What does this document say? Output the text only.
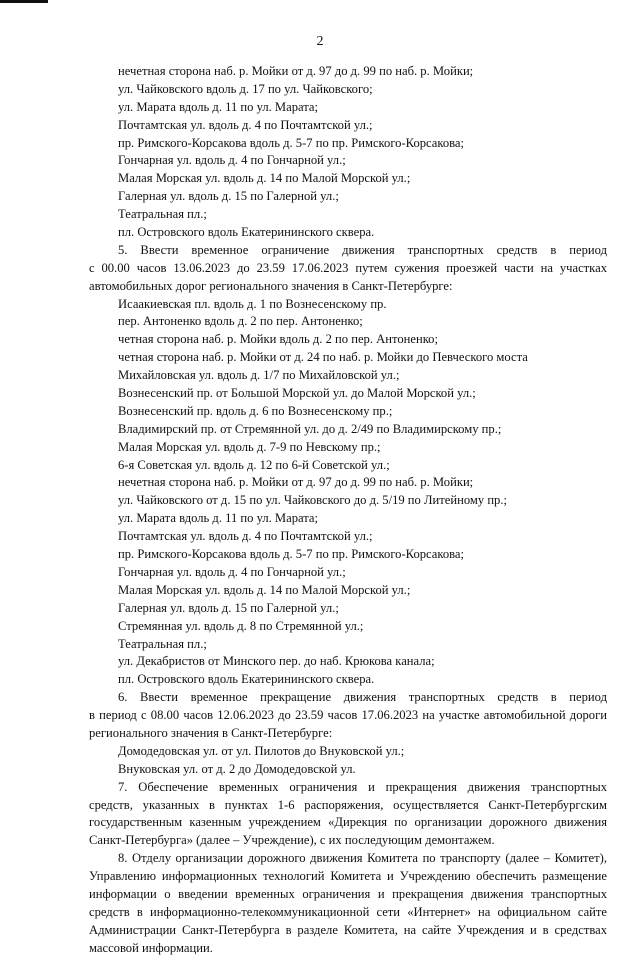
2
нечетная сторона наб. р. Мойки от д. 97 до д. 99 по наб. р. Мойки;
ул. Чайковского вдоль д. 17 по ул. Чайковского;
ул. Марата вдоль д. 11 по ул. Марата;
Почтамтская ул. вдоль д. 4 по Почтамтской ул.;
пр. Римского-Корсакова вдоль д. 5-7 по пр. Римского-Корсакова;
Гончарная ул. вдоль д. 4 по Гончарной ул.;
Малая Морская ул. вдоль д. 14 по Малой Морской ул.;
Галерная ул. вдоль д. 15 по Галерной ул.;
Театральная пл.;
пл. Островского вдоль Екатерининского сквера.
5. Ввести временное ограничение движения транспортных средств в период
с 00.00 часов 13.06.2023 до 23.59 17.06.2023 путем сужения проезжей части на участках
автомобильных дорог регионального значения в Санкт-Петербурге:
Исаакиевская пл. вдоль д. 1 по Вознесенскому пр.
пер. Антоненко вдоль д. 2 по пер. Антоненко;
четная сторона наб. р. Мойки вдоль д. 2 по пер. Антоненко;
четная сторона наб. р. Мойки от д. 24 по наб. р. Мойки до Певческого моста
Михайловская ул. вдоль д. 1/7 по Михайловской ул.;
Вознесенский пр. от Большой Морской ул. до Малой Морской ул.;
Вознесенский пр. вдоль д. 6 по Вознесенскому пр.;
Владимирский пр. от Стремянной ул. до д. 2/49 по Владимирскому пр.;
Малая Морская ул. вдоль д. 7-9 по Невскому пр.;
6-я Советская ул. вдоль д. 12 по 6-й Советской ул.;
нечетная сторона наб. р. Мойки от д. 97 до д. 99 по наб. р. Мойки;
ул. Чайковского от д. 15 по ул. Чайковского до д. 5/19 по Литейному пр.;
ул. Марата вдоль д. 11 по ул. Марата;
Почтамтская ул. вдоль д. 4 по Почтамтской ул.;
пр. Римского-Корсакова вдоль д. 5-7 по пр. Римского-Корсакова;
Гончарная ул. вдоль д. 4 по Гончарной ул.;
Малая Морская ул. вдоль д. 14 по Малой Морской ул.;
Галерная ул. вдоль д. 15 по Галерной ул.;
Стремянная ул. вдоль д. 8 по Стремянной ул.;
Театральная пл.;
ул. Декабристов от Минского пер. до наб. Крюкова канала;
пл. Островского вдоль Екатерининского сквера.
6. Ввести временное прекращение движения транспортных средств в период
в период с 08.00 часов 12.06.2023 до 23.59 часов 17.06.2023 на участке автомобильной дороги
регионального значения в Санкт-Петербурге:
Домодедовская ул. от ул. Пилотов до Внуковской ул.;
Внуковская ул. от д. 2 до Домодедовской ул.
7. Обеспечение временных ограничения и прекращения движения транспортных
средств, указанных в пунктах 1-6 распоряжения, осуществляется Санкт-Петербургским
государственным казенным учреждением «Дирекция по организации дорожного движения
Санкт-Петербурга» (далее – Учреждение), с их последующим демонтажем.
8. Отделу организации дорожного движения Комитета по транспорту (далее – Комитет),
Управлению информационных технологий Комитета и Учреждению обеспечить размещение
информации о введении временных ограничения и прекращения движения транспортных
средств в информационно-телекоммуникационной сети «Интернет» на официальном сайте
Администрации Санкт-Петербурга в разделе Комитета, на сайте Учреждения и в средствах
массовой информации.
